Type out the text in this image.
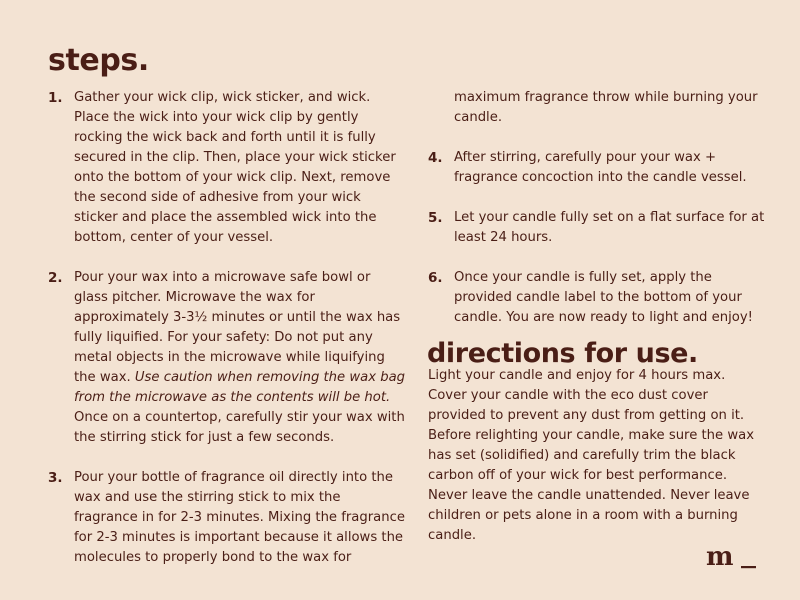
steps.
1. Gather your wick clip, wick sticker, and wick. Place the wick into your wick clip by gently rocking the wick back and forth until it is fully secured in the clip. Then, place your wick sticker onto the bottom of your wick clip. Next, remove the second side of adhesive from your wick sticker and place the assembled wick into the bottom, center of your vessel.
2. Pour your wax into a microwave safe bowl or glass pitcher. Microwave the wax for approximately 3-3½ minutes or until the wax has fully liquified. For your safety: Do not put any metal objects in the microwave while liquifying the wax. Use caution when removing the wax bag from the microwave as the contents will be hot. Once on a countertop, carefully stir your wax with the stirring stick for just a few seconds.
3. Pour your bottle of fragrance oil directly into the wax and use the stirring stick to mix the fragrance in for 2-3 minutes. Mixing the fragrance for 2-3 minutes is important because it allows the molecules to properly bond to the wax for

maximum fragrance throw while burning your candle.

4. After stirring, carefully pour your wax + fragrance concoction into the candle vessel.
5. Let your candle fully set on a flat surface for at least 24 hours.
6. Once your candle is fully set, apply the provided candle label to the bottom of your candle. You are now ready to light and enjoy!
directions for use.

Light your candle and enjoy for 4 hours max. Cover your candle with the eco dust cover provided to prevent any dust from getting on it. Before relighting your candle, make sure the wax has set (solidified) and carefully trim the black carbon off of your wick for best performance. Never leave the candle unattended. Never leave children or pets alone in a room with a burning candle.

m
